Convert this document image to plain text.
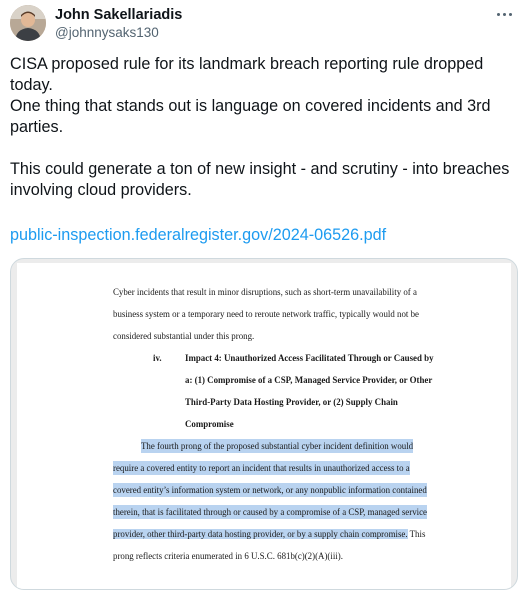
John Sakellariadis
@johnnysaks130
CISA proposed rule for its landmark breach reporting rule dropped today.
One thing that stands out is language on covered incidents and 3rd parties.
This could generate a ton of new insight - and scrutiny - into breaches involving cloud providers.
public-inspection.federalregister.gov/2024-06526.pdf
Cyber incidents that result in minor disruptions, such as short-term unavailability of a
business system or a temporary need to reroute network traffic, typically would not be
considered substantial under this prong.
iv.	Impact 4: Unauthorized Access Facilitated Through or Caused by
a: (1) Compromise of a CSP, Managed Service Provider, or Other
Third-Party Data Hosting Provider, or (2) Supply Chain
Compromise
The fourth prong of the proposed substantial cyber incident definition would
require a covered entity to report an incident that results in unauthorized access to a
covered entity’s information system or network, or any nonpublic information contained
therein, that is facilitated through or caused by a compromise of a CSP, managed service
provider, other third-party data hosting provider, or by a supply chain compromise. This
prong reflects criteria enumerated in 6 U.S.C. 681b(c)(2)(A)(iii).
